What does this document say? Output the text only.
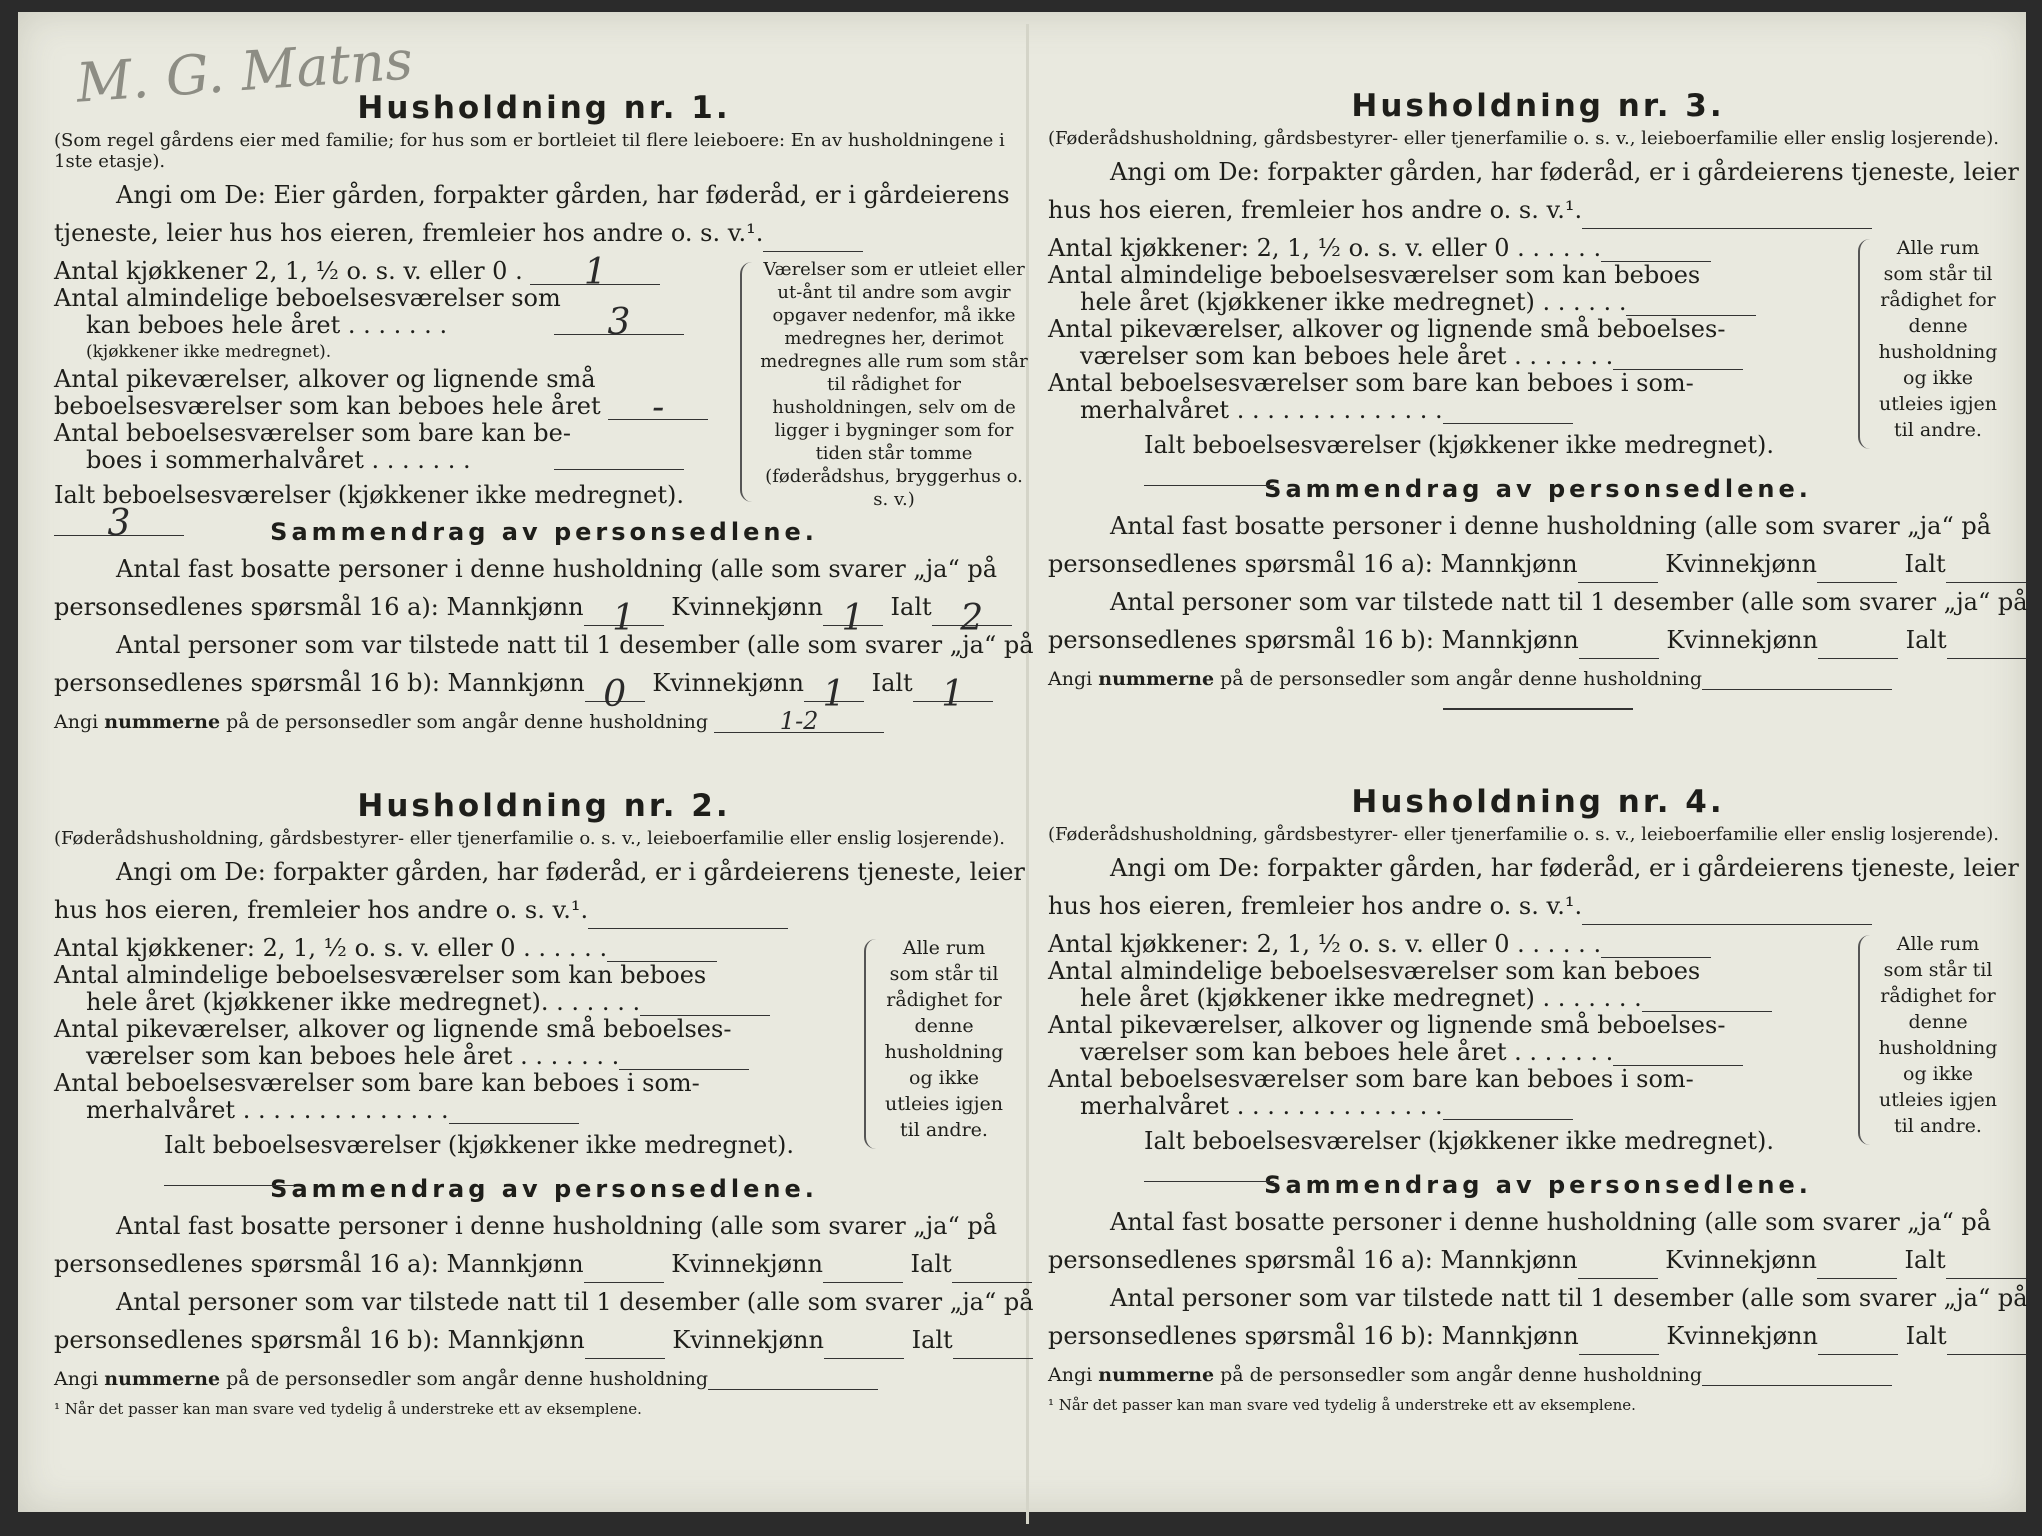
M. G. Matns
Husholdning nr. 1.

(Som regel gårdens eier med familie; for hus som er bortleiet til flere leieboere: En av husholdningene i 1ste etasje).

Angi om De: Eier gården, forpakter gården, har føderåd, er i gårdeierens tjeneste, leier hus hos eieren, fremleier hos andre o. s. v.¹.

Antal kjøkkener 2, 1, ½ o. s. v. eller 0 . 1
Antal almindelige beboelsesværelser som
kan beboes hele året . . . . . . .	3
(kjøkkener ikke medregnet).
Antal pikeværelser, alkover og lignende små
beboelsesværelser som kan beboes hele året -
Antal beboelsesværelser som bare kan be-
boes i sommerhalvåret . . . . . . .
Ialt beboelsesværelser (kjøkkener ikke medregnet). 3
Værelser som er utleiet eller ut-ånt til andre som avgir opgaver nedenfor, må ikke medregnes her, derimot medregnes alle rum som står til rådighet for husholdningen, selv om de ligger i bygninger som for tiden står tomme (føderådshus, bryggerhus o. s. v.)
Sammendrag av personsedlene.

Antal fast bosatte personer i denne husholdning (alle som svarer „ja“ på
personsedlenes spørsmål 16 a): Mannkjønn 1 Kvinnekjønn 1 Ialt 2

Antal personer som var tilstede natt til 1 desember (alle som svarer „ja“ på
personsedlenes spørsmål 16 b): Mannkjønn 0 Kvinnekjønn 1 Ialt 1

Angi nummerne på de personsedler som angår denne husholdning	1-2
Husholdning nr. 2.

(Føderådshusholdning, gårdsbestyrer- eller tjenerfamilie o. s. v., leieboerfamilie eller enslig losjerende).

Angi om De: forpakter gården, har føderåd, er i gårdeierens tjeneste, leier hus hos eieren, fremleier hos andre o. s. v.¹.

Antal kjøkkener: 2, 1, ½ o. s. v. eller 0 . . . . . .
Antal almindelige beboelsesværelser som kan beboes
hele året (kjøkkener ikke medregnet). . . . . . .
Antal pikeværelser, alkover og lignende små beboelses-
værelser som kan beboes hele året . . . . . . .
Antal beboelsesværelser som bare kan beboes i som-
merhalvåret . . . . . . . . . . . . . .
Ialt beboelsesværelser (kjøkkener ikke medregnet).
Alle rum som står til rådighet for denne husholdning og ikke utleies igjen til andre.
Sammendrag av personsedlene.

Antal fast bosatte personer i denne husholdning (alle som svarer „ja“ på
personsedlenes spørsmål 16 a): Mannkjønn	Kvinnekjønn	Ialt

Antal personer som var tilstede natt til 1 desember (alle som svarer „ja“ på
personsedlenes spørsmål 16 b): Mannkjønn	Kvinnekjønn	Ialt

Angi nummerne på de personsedler som angår denne husholdning
¹ Når det passer kan man svare ved tydelig å understreke ett av eksemplene.
Husholdning nr. 3.

(Føderådshusholdning, gårdsbestyrer- eller tjenerfamilie o. s. v., leieboerfamilie eller enslig losjerende).

Angi om De: forpakter gården, har føderåd, er i gårdeierens tjeneste, leier hus hos eieren, fremleier hos andre o. s. v.¹.

Antal kjøkkener: 2, 1, ½ o. s. v. eller 0 . . . . . .
Antal almindelige beboelsesværelser som kan beboes
hele året (kjøkkener ikke medregnet) . . . . . .
Antal pikeværelser, alkover og lignende små beboelses-
værelser som kan beboes hele året . . . . . . .
Antal beboelsesværelser som bare kan beboes i som-
merhalvåret . . . . . . . . . . . . . .
Ialt beboelsesværelser (kjøkkener ikke medregnet).
Alle rum som står til rådighet for denne husholdning og ikke utleies igjen til andre.
Sammendrag av personsedlene.

Antal fast bosatte personer i denne husholdning (alle som svarer „ja“ på
personsedlenes spørsmål 16 a): Mannkjønn	Kvinnekjønn	Ialt

Antal personer som var tilstede natt til 1 desember (alle som svarer „ja“ på
personsedlenes spørsmål 16 b): Mannkjønn	Kvinnekjønn	Ialt

Angi nummerne på de personsedler som angår denne husholdning
Husholdning nr. 4.

(Føderådshusholdning, gårdsbestyrer- eller tjenerfamilie o. s. v., leieboerfamilie eller enslig losjerende).

Angi om De: forpakter gården, har føderåd, er i gårdeierens tjeneste, leier hus hos eieren, fremleier hos andre o. s. v.¹.

Antal kjøkkener: 2, 1, ½ o. s. v. eller 0 . . . . . .
Antal almindelige beboelsesværelser som kan beboes
hele året (kjøkkener ikke medregnet) . . . . . . .
Antal pikeværelser, alkover og lignende små beboelses-
værelser som kan beboes hele året . . . . . . .
Antal beboelsesværelser som bare kan beboes i som-
merhalvåret . . . . . . . . . . . . . .
Ialt beboelsesværelser (kjøkkener ikke medregnet).
Alle rum som står til rådighet for denne husholdning og ikke utleies igjen til andre.
Sammendrag av personsedlene.

Antal fast bosatte personer i denne husholdning (alle som svarer „ja“ på
personsedlenes spørsmål 16 a): Mannkjønn	Kvinnekjønn	Ialt

Antal personer som var tilstede natt til 1 desember (alle som svarer „ja“ på
personsedlenes spørsmål 16 b): Mannkjønn	Kvinnekjønn	Ialt

Angi nummerne på de personsedler som angår denne husholdning
¹ Når det passer kan man svare ved tydelig å understreke ett av eksemplene.
